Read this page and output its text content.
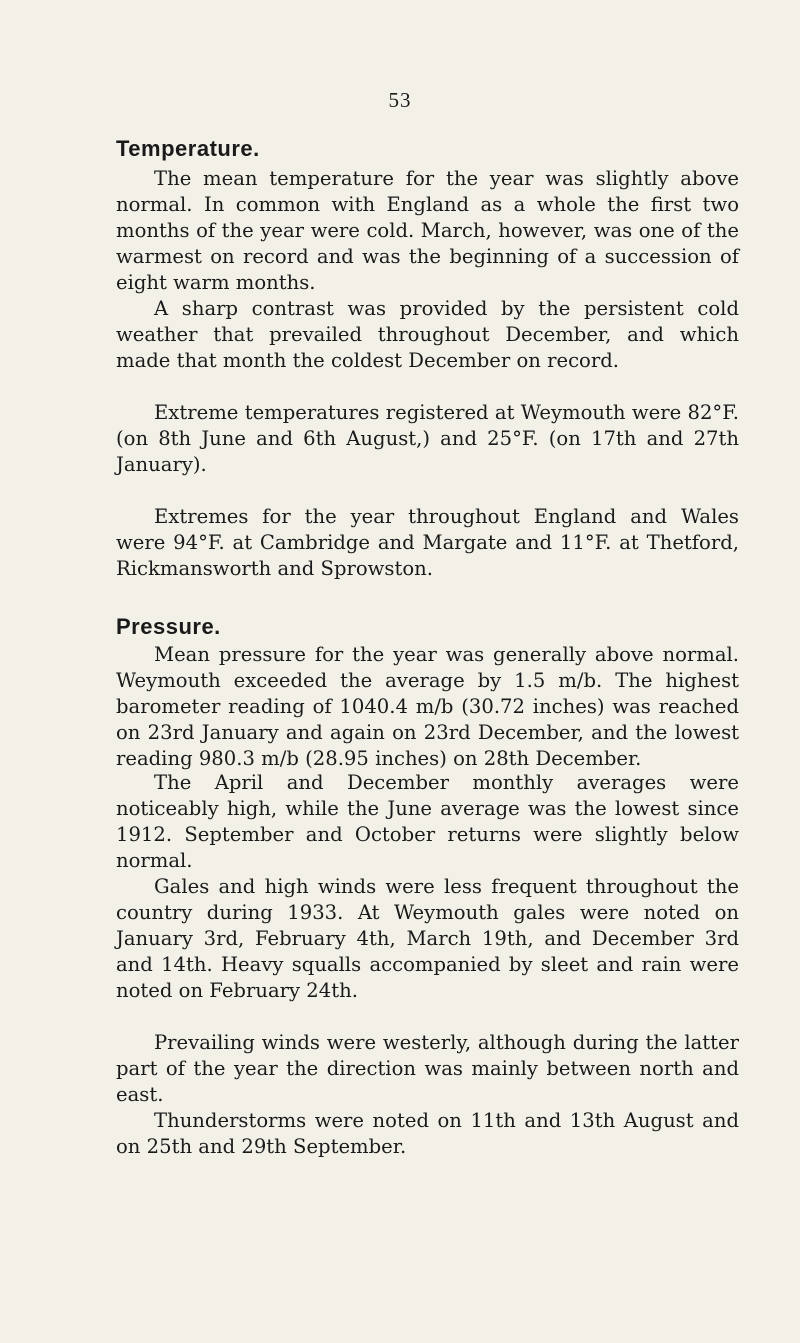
53
Temperature.

The mean temperature for the year was slightly above normal. In common with England as a whole the first two months of the year were cold. March, however, was one of the warmest on record and was the beginning of a succession of eight warm months.

A sharp contrast was provided by the persistent cold weather that prevailed throughout December, and which made that month the coldest December on record.

Extreme temperatures registered at Weymouth were 82°F. (on 8th June and 6th August,) and 25°F. (on 17th and 27th January).

Extremes for the year throughout England and Wales were 94°F. at Cambridge and Margate and 11°F. at Thetford, Rickmansworth and Sprowston.

Pressure.

Mean pressure for the year was generally above normal. Weymouth exceeded the average by 1.5 m/b. The highest barometer reading of 1040.4 m/b (30.72 inches) was reached on 23rd January and again on 23rd December, and the lowest reading 980.3 m/b (28.95 inches) on 28th December.

The April and December monthly averages were noticeably high, while the June average was the lowest since 1912. September and October returns were slightly below normal.

Gales and high winds were less frequent throughout the country during 1933. At Weymouth gales were noted on January 3rd, February 4th, March 19th, and December 3rd and 14th. Heavy squalls accompanied by sleet and rain were noted on February 24th.

Prevailing winds were westerly, although during the latter part of the year the direction was mainly between north and east.

Thunderstorms were noted on 11th and 13th August and on 25th and 29th September.
